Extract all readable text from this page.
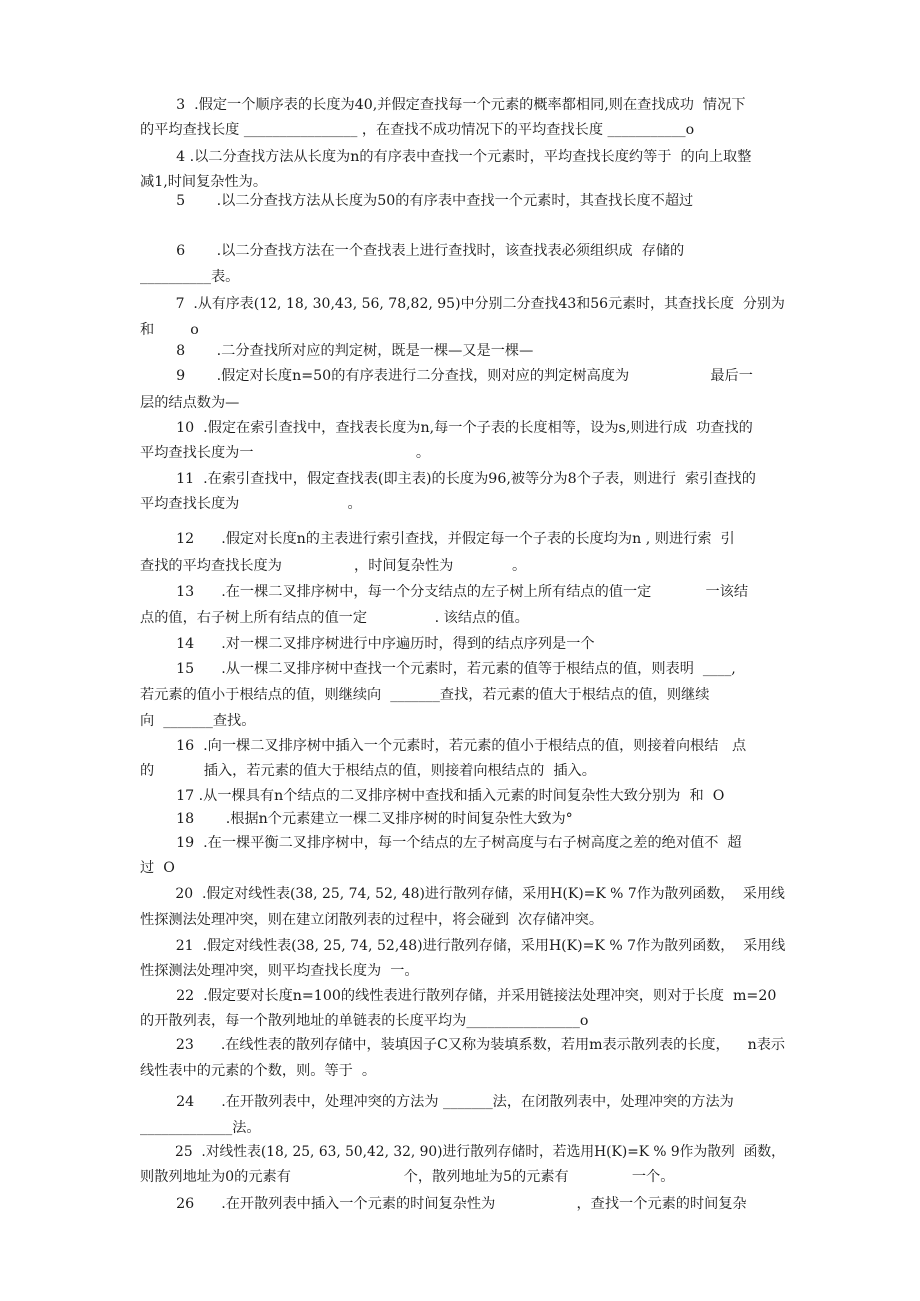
3  .假定一个顺序表的长度为40,并假定查找每一个元素的概率都相同,则在查找成功  情况下
的平均查找长度 ________________ ，在查找不成功情况下的平均查找长度 ___________o
4 .以二分查找方法从长度为n的有序表中查找一个元素时，平均查找长度约等于  的向上取整
减1,时间复杂性为。
5       .以二分查找方法从长度为50的有序表中查找一个元素时，其查找长度不超过
6       .以二分查找方法在一个查找表上进行查找时，该查找表必须组织成  存储的
__________表。
7  .从有序表(12, 18, 30,43, 56, 78,82, 95)中分别二分查找43和56元素时，其查找长度  分别为
和        o
8       .二分查找所对应的判定树，既是一棵—又是一棵—
9       .假定对长度n=50的有序表进行二分查找，则对应的判定树高度为                  最后一
层的结点数为—
10  .假定在索引查找中，查找表长度为n,每一个子表的长度相等，设为s,则进行成  功查找的
平均查找长度为一                                    。
11  .在索引查找中，假定查找表(即主表)的长度为96,被等分为8个子表，则进行  索引查找的
平均查找长度为                        。
12      .假定对长度n的主表进行索引查找，并假定每一个子表的长度均为n , 则进行索  引
查找的平均查找长度为                ，时间复杂性为             。
13      .在一棵二叉排序树中，每一个分支结点的左子树上所有结点的值一定            一该结
点的值，右子树上所有结点的值一定               . 该结点的值。
14      .对一棵二叉排序树进行中序遍历时，得到的结点序列是一个
15      .从一棵二叉排序树中查找一个元素时，若元素的值等于根结点的值，则表明  ____,
若元素的值小于根结点的值，则继续向  _______查找，若元素的值大于根结点的值，则继续
向  _______查找。
16  .向一棵二叉排序树中插入一个元素时，若元素的值小于根结点的值，则接着向根结   点
的           插入，若元素的值大于根结点的值，则接着向根结点的  插入。
17 .从一棵具有n个结点的二叉排序树中查找和插入元素的时间复杂性大致分别为  和  O
18       .根据n个元素建立一棵二叉排序树的时间复杂性大致为°
19  .在一棵平衡二叉排序树中，每一个结点的左子树高度与右子树高度之差的绝对值不  超
过  O
20  .假定对线性表(38, 25, 74, 52, 48)进行散列存储，采用H(K)=K % 7作为散列函数，  采用线
性探测法处理冲突，则在建立闭散列表的过程中，将会碰到  次存储冲突。
21  .假定对线性表(38, 25, 74, 52,48)进行散列存储，采用H(K)=K % 7作为散列函数，  采用线
性探测法处理冲突，则平均查找长度为  一。
22  .假定要对长度n=100的线性表进行散列存储，并采用链接法处理冲突，则对于长度  m=20
的开散列表，每一个散列地址的单链表的长度平均为________________o
23      .在线性表的散列存储中，装填因子C又称为装填系数，若用m表示散列表的长度，    n表示
线性表中的元素的个数，则。等于  。
24      .在开散列表中，处理冲突的方法为 _______法，在闭散列表中，处理冲突的方法为
_____________法。
25  .对线性表(18, 25, 63, 50,42, 32, 90)进行散列存储时，若选用H(K)=K % 9作为散列  函数，
则散列地址为0的元素有                         个，散列地址为5的元素有              一个。
26      .在开散列表中插入一个元素的时间复杂性为                  ，查找一个元素的时间复杂
